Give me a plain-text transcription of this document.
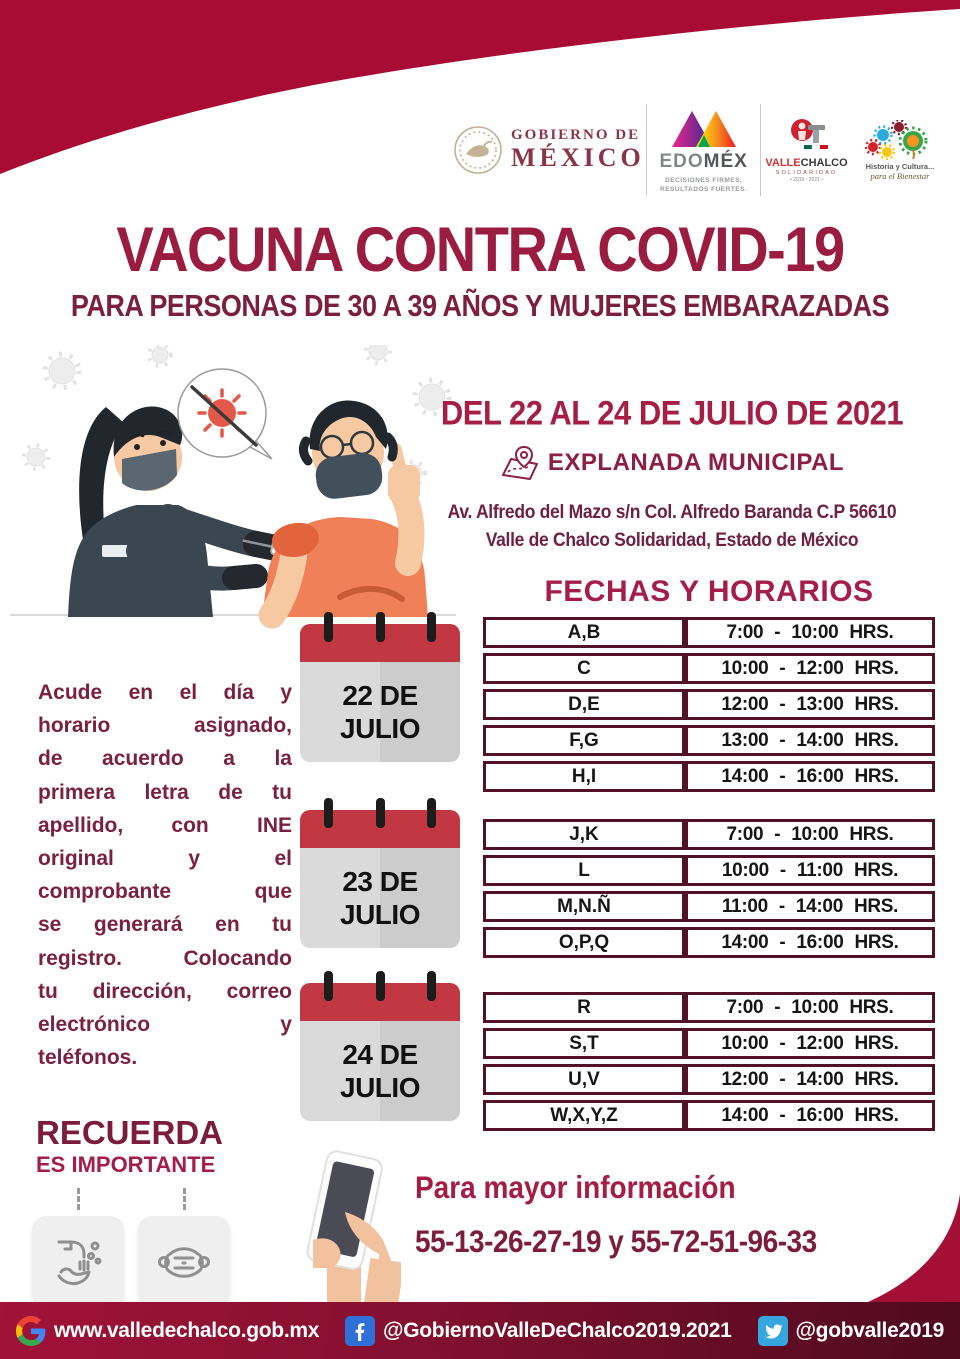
GOBIERNO DE
MÉXICO EDOMÉX
DECISIONES FIRMES,
RESULTADOS FUERTES.
VALLECHALCO
SOLIDARIDAD
• 2019 - 2021 •
Historia y Cultura...
para el Bienestar
VACUNA CONTRA COVID-19
PARA PERSONAS DE 30 A 39 AÑOS Y MUJERES EMBARAZADAS
DEL 22 AL 24 DE JULIO DE 2021
EXPLANADA MUNICIPAL
Av. Alfredo del Mazo s/n Col. Alfredo Baranda C.P 56610
Valle de Chalco Solidaridad, Estado de México
FECHAS Y HORARIOS
22 DE
JULIO
23 DE
JULIO
24 DE
JULIO
A,B	7:00 - 10:00 HRS.
C	10:00 - 12:00 HRS.
D,E	12:00 - 13:00 HRS.
F,G	13:00 - 14:00 HRS.
H,I	14:00 - 16:00 HRS.
J,K	7:00 - 10:00 HRS.
L	10:00 - 11:00 HRS.
M,N.Ñ	11:00 - 14:00 HRS.
O,P,Q	14:00 - 16:00 HRS.
R	7:00 - 10:00 HRS.
S,T	10:00 - 12:00 HRS.
U,V	12:00 - 14:00 HRS.
W,X,Y,Z	14:00 - 16:00 HRS.
Acude en el día y
horario asignado,
de acuerdo a la
primera letra de tu
apellido, con INE
original y el
comprobante que
se generará en tu
registro. Colocando
tu dirección, correo
electrónico y
teléfonos.
RECUERDA
ES IMPORTANTE
Para mayor información
55-13-26-27-19 y 55-72-51-96-33
www.valledechalco.gob.mx	@GobiernoValleDeChalco2019.2021	@gobvalle2019
